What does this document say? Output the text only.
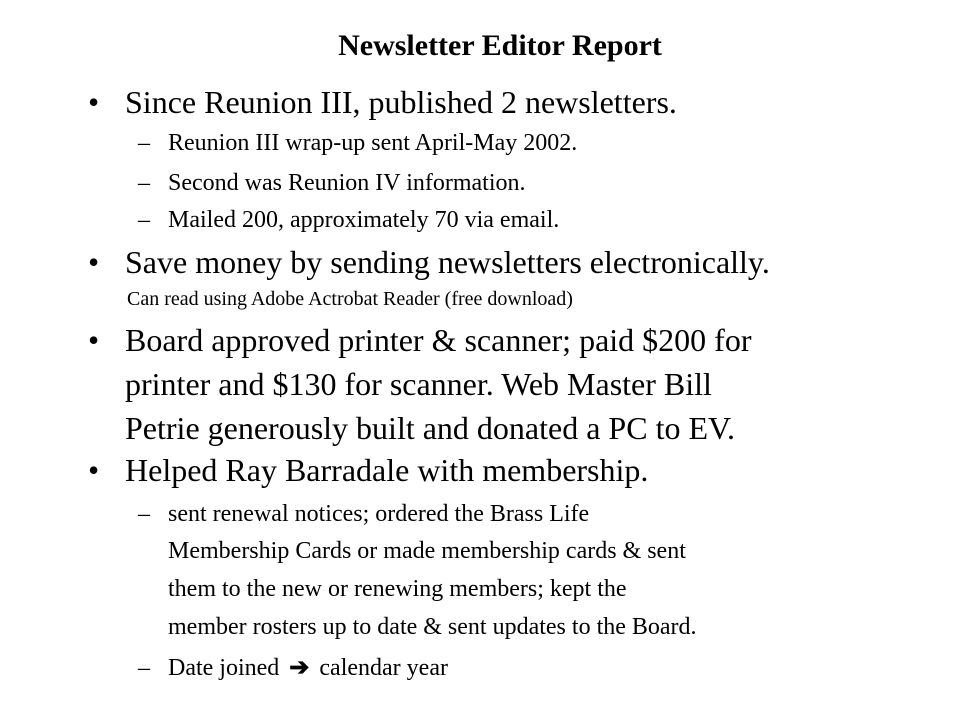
Newsletter Editor Report
• Since Reunion III, published 2 newsletters.
– Reunion III wrap-up sent April-May 2002.
– Second was Reunion IV information.
– Mailed 200, approximately 70 via email.
• Save money by sending newsletters electronically.
Can read using Adobe Actrobat Reader (free download)
• Board approved printer & scanner; paid $200 for
printer and $130 for scanner. Web Master Bill
Petrie generously built and donated a PC to EV.
• Helped Ray Barradale with membership.
– sent renewal notices; ordered the Brass Life
Membership Cards or made membership cards & sent
them to the new or renewing members; kept the
member rosters up to date & sent updates to the Board.
– Date joined ➔ calendar year
